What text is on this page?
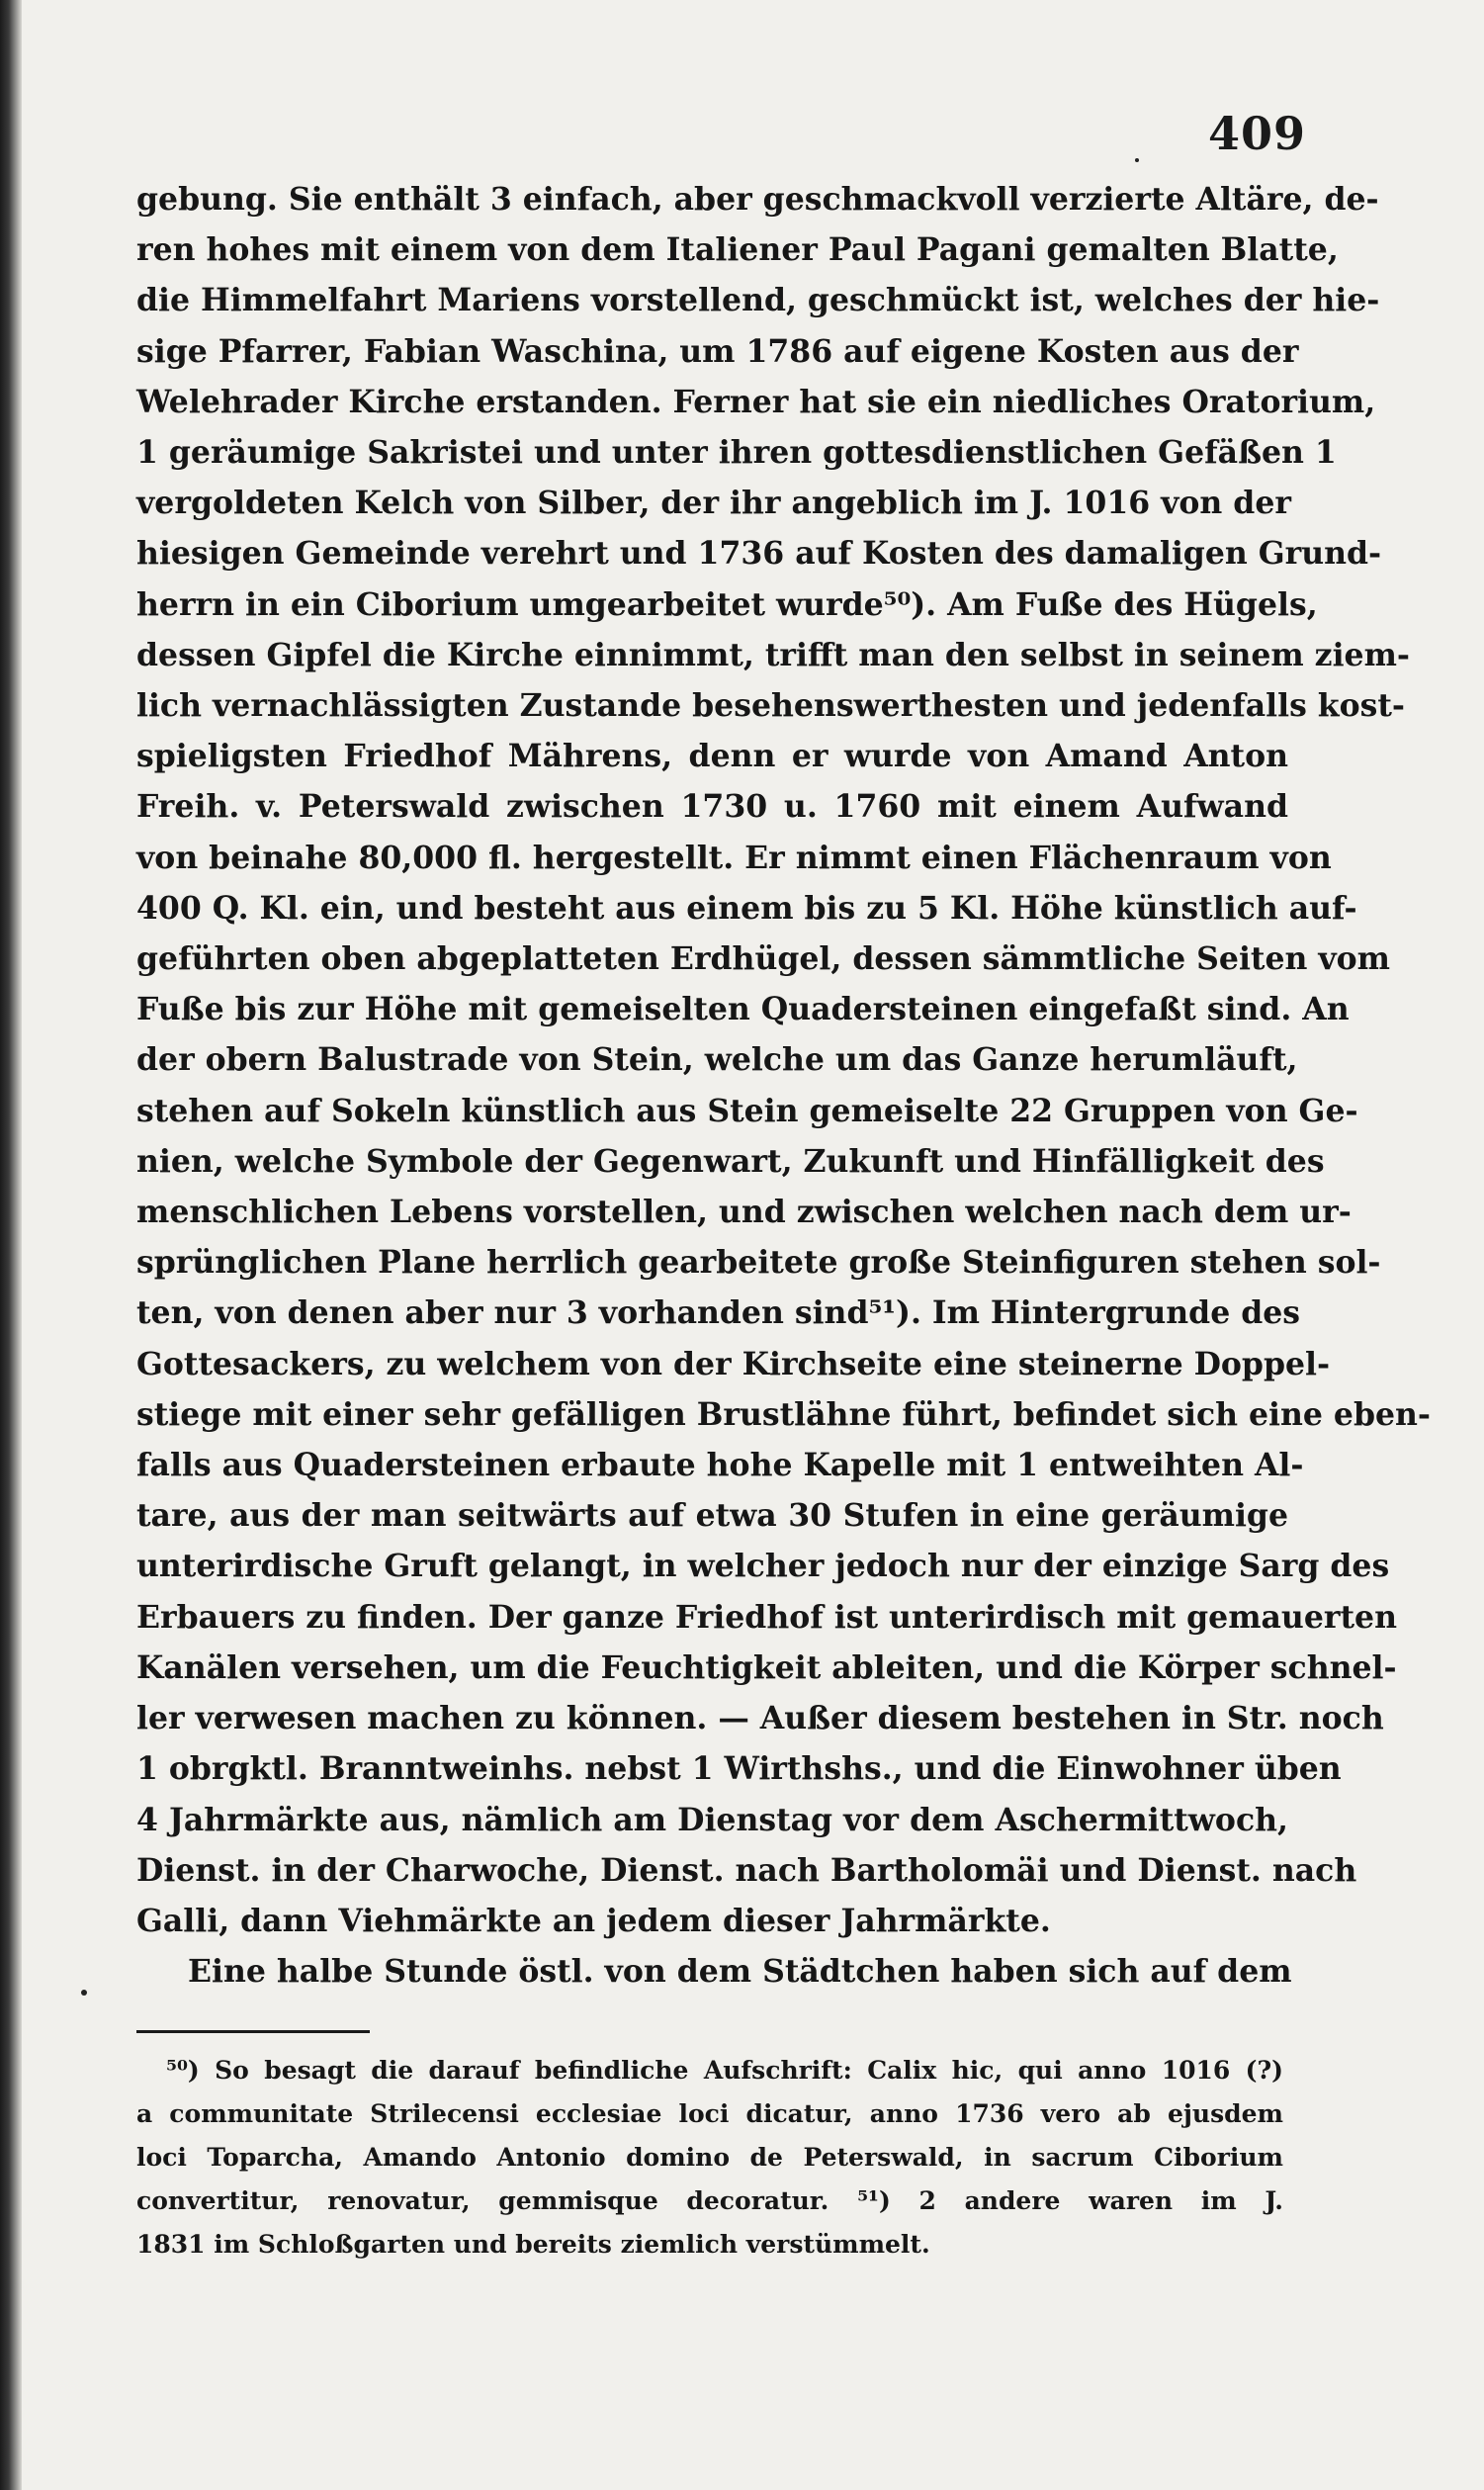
409
gebung. Sie enthält 3 einfach, aber geschmackvoll verzierte Altäre, de-
ren hohes mit einem von dem Italiener Paul Pagani gemalten Blatte,
die Himmelfahrt Mariens vorstellend, geschmückt ist, welches der hie-
sige Pfarrer, Fabian Waschina, um 1786 auf eigene Kosten aus der
Welehrader Kirche erstanden. Ferner hat sie ein niedliches Oratorium,
1 geräumige Sakristei und unter ihren gottesdienstlichen Gefäßen 1
vergoldeten Kelch von Silber, der ihr angeblich im J. 1016 von der
hiesigen Gemeinde verehrt und 1736 auf Kosten des damaligen Grund-
herrn in ein Ciborium umgearbeitet wurde⁵⁰). Am Fuße des Hügels,
dessen Gipfel die Kirche einnimmt, trifft man den selbst in seinem ziem-
lich vernachlässigten Zustande besehenswerthesten und jedenfalls kost-
spieligsten Friedhof Mährens, denn er wurde von Amand Anton
Freih. v. Peterswald zwischen 1730 u. 1760 mit einem Aufwand
von beinahe 80,000 fl. hergestellt. Er nimmt einen Flächenraum von
400 Q. Kl. ein, und besteht aus einem bis zu 5 Kl. Höhe künstlich auf-
geführten oben abgeplatteten Erdhügel, dessen sämmtliche Seiten vom
Fuße bis zur Höhe mit gemeiselten Quadersteinen eingefaßt sind. An
der obern Balustrade von Stein, welche um das Ganze herumläuft,
stehen auf Sokeln künstlich aus Stein gemeiselte 22 Gruppen von Ge-
nien, welche Symbole der Gegenwart, Zukunft und Hinfälligkeit des
menschlichen Lebens vorstellen, und zwischen welchen nach dem ur-
sprünglichen Plane herrlich gearbeitete große Steinfiguren stehen sol-
ten, von denen aber nur 3 vorhanden sind⁵¹). Im Hintergrunde des
Gottesackers, zu welchem von der Kirchseite eine steinerne Doppel-
stiege mit einer sehr gefälligen Brustlähne führt, befindet sich eine eben-
falls aus Quadersteinen erbaute hohe Kapelle mit 1 entweihten Al-
tare, aus der man seitwärts auf etwa 30 Stufen in eine geräumige
unterirdische Gruft gelangt, in welcher jedoch nur der einzige Sarg des
Erbauers zu finden. Der ganze Friedhof ist unterirdisch mit gemauerten
Kanälen versehen, um die Feuchtigkeit ableiten, und die Körper schnel-
ler verwesen machen zu können. — Außer diesem bestehen in Str. noch
1 obrgktl. Branntweinhs. nebst 1 Wirthshs., und die Einwohner üben
4 Jahrmärkte aus, nämlich am Dienstag vor dem Aschermittwoch,
Dienst. in der Charwoche, Dienst. nach Bartholomäi und Dienst. nach
Galli, dann Viehmärkte an jedem dieser Jahrmärkte.
Eine halbe Stunde östl. von dem Städtchen haben sich auf dem
⁵⁰) So besagt die darauf befindliche Aufschrift: Calix hic, qui anno 1016 (?)
a communitate Strilecensi ecclesiae loci dicatur, anno 1736 vero ab ejusdem
loci Toparcha, Amando Antonio domino de Peterswald, in sacrum Ciborium
convertitur, renovatur, gemmisque decoratur. ⁵¹) 2 andere waren im J.
1831 im Schloßgarten und bereits ziemlich verstümmelt.
